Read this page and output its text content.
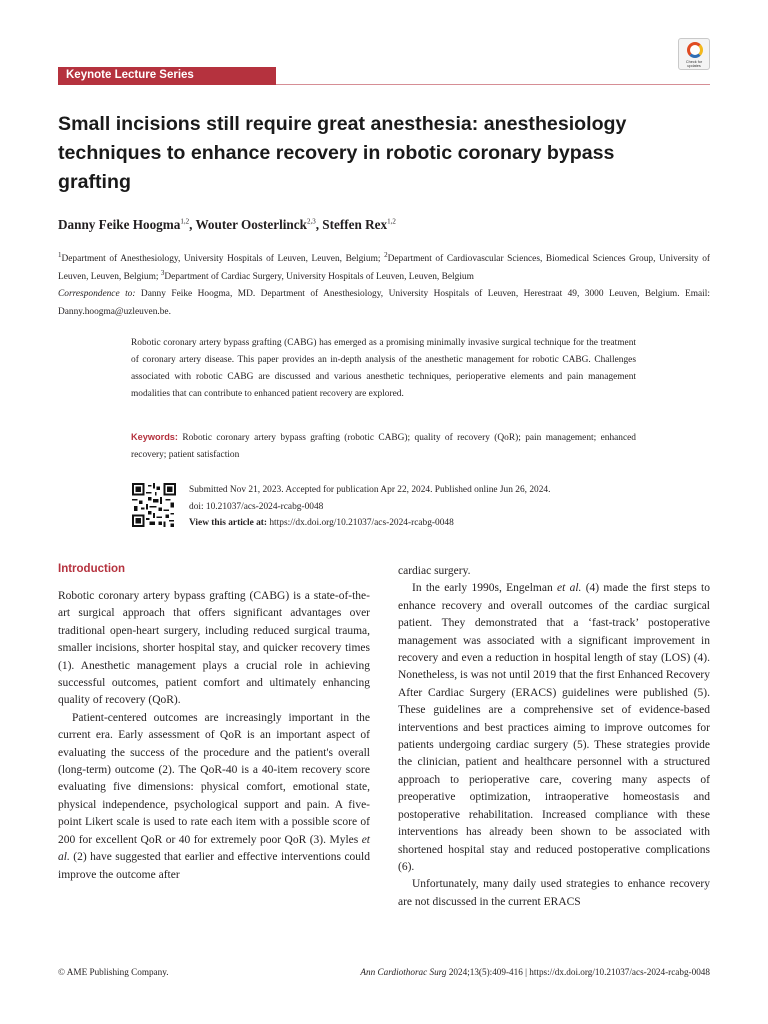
Keynote Lecture Series
Check for updates
Small incisions still require great anesthesia: anesthesiology techniques to enhance recovery in robotic coronary bypass grafting
Danny Feike Hoogma$^{1,2}$, Wouter Oosterlinck$^{2,3}$, Steffen Rex$^{1,2}$

$^1$Department of Anesthesiology, University Hospitals of Leuven, Leuven, Belgium; $^2$Department of Cardiovascular Sciences, Biomedical Sciences Group, University of Leuven, Leuven, Belgium; $^3$Department of Cardiac Surgery, University Hospitals of Leuven, Leuven, Belgium

Correspondence to: Danny Feike Hoogma, MD. Department of Anesthesiology, University Hospitals of Leuven, Herestraat 49, 3000 Leuven, Belgium. Email: Danny.hoogma@uzleuven.be.

Robotic coronary artery bypass grafting (CABG) has emerged as a promising minimally invasive surgical technique for the treatment of coronary artery disease. This paper provides an in-depth analysis of the anesthetic management for robotic CABG. Challenges associated with robotic CABG are discussed and various anesthetic techniques, perioperative elements and pain management modalities that can contribute to enhanced patient recovery are explored.

Keywords: Robotic coronary artery bypass grafting (robotic CABG); quality of recovery (QoR); pain management; enhanced recovery; patient satisfaction

Submitted Nov 21, 2023. Accepted for publication Apr 22, 2024. Published online Jun 26, 2024.
doi: 10.21037/acs-2024-rcabg-0048
View this article at: https://dx.doi.org/10.21037/acs-2024-rcabg-0048
Introduction

Robotic coronary artery bypass grafting (CABG) is a state-of-the-art surgical approach that offers significant advantages over traditional open-heart surgery, including reduced surgical trauma, smaller incisions, shorter hospital stay, and quicker recovery times (1). Anesthetic management plays a crucial role in achieving successful outcomes, patient comfort and ultimately enhancing quality of recovery (QoR).

Patient-centered outcomes are increasingly important in the current era. Early assessment of QoR is an important aspect of evaluating the success of the procedure and the patient's overall (long-term) outcome (2). The QoR-40 is a 40-item recovery score evaluating five dimensions: physical comfort, emotional state, physical independence, psychological support and pain. A five-point Likert scale is used to rate each item with a possible score of 200 for excellent QoR or 40 for extremely poor QoR (3). Myles et al. (2) have suggested that earlier and effective interventions could improve the outcome after

cardiac surgery.

In the early 1990s, Engelman et al. (4) made the first steps to enhance recovery and overall outcomes of the cardiac surgical patient. They demonstrated that a ‘fast-track’ postoperative management was associated with a significant improvement in recovery and even a reduction in hospital length of stay (LOS) (4). Nonetheless, is was not until 2019 that the first Enhanced Recovery After Cardiac Surgery (ERACS) guidelines were published (5). These guidelines are a comprehensive set of evidence-based interventions and best practices aiming to improve outcomes for patients undergoing cardiac surgery (5). These strategies provide the clinician, patient and healthcare personnel with a structured approach to perioperative care, covering many aspects of preoperative optimization, intraoperative homeostasis and postoperative rehabilitation. Increased compliance with these interventions has already been shown to be associated with shortened hospital stay and reduced postoperative complications (6).

Unfortunately, many daily used strategies to enhance recovery are not discussed in the current ERACS

© AME Publishing Company.	Ann Cardiothorac Surg 2024;13(5):409-416 | https://dx.doi.org/10.21037/acs-2024-rcabg-0048
